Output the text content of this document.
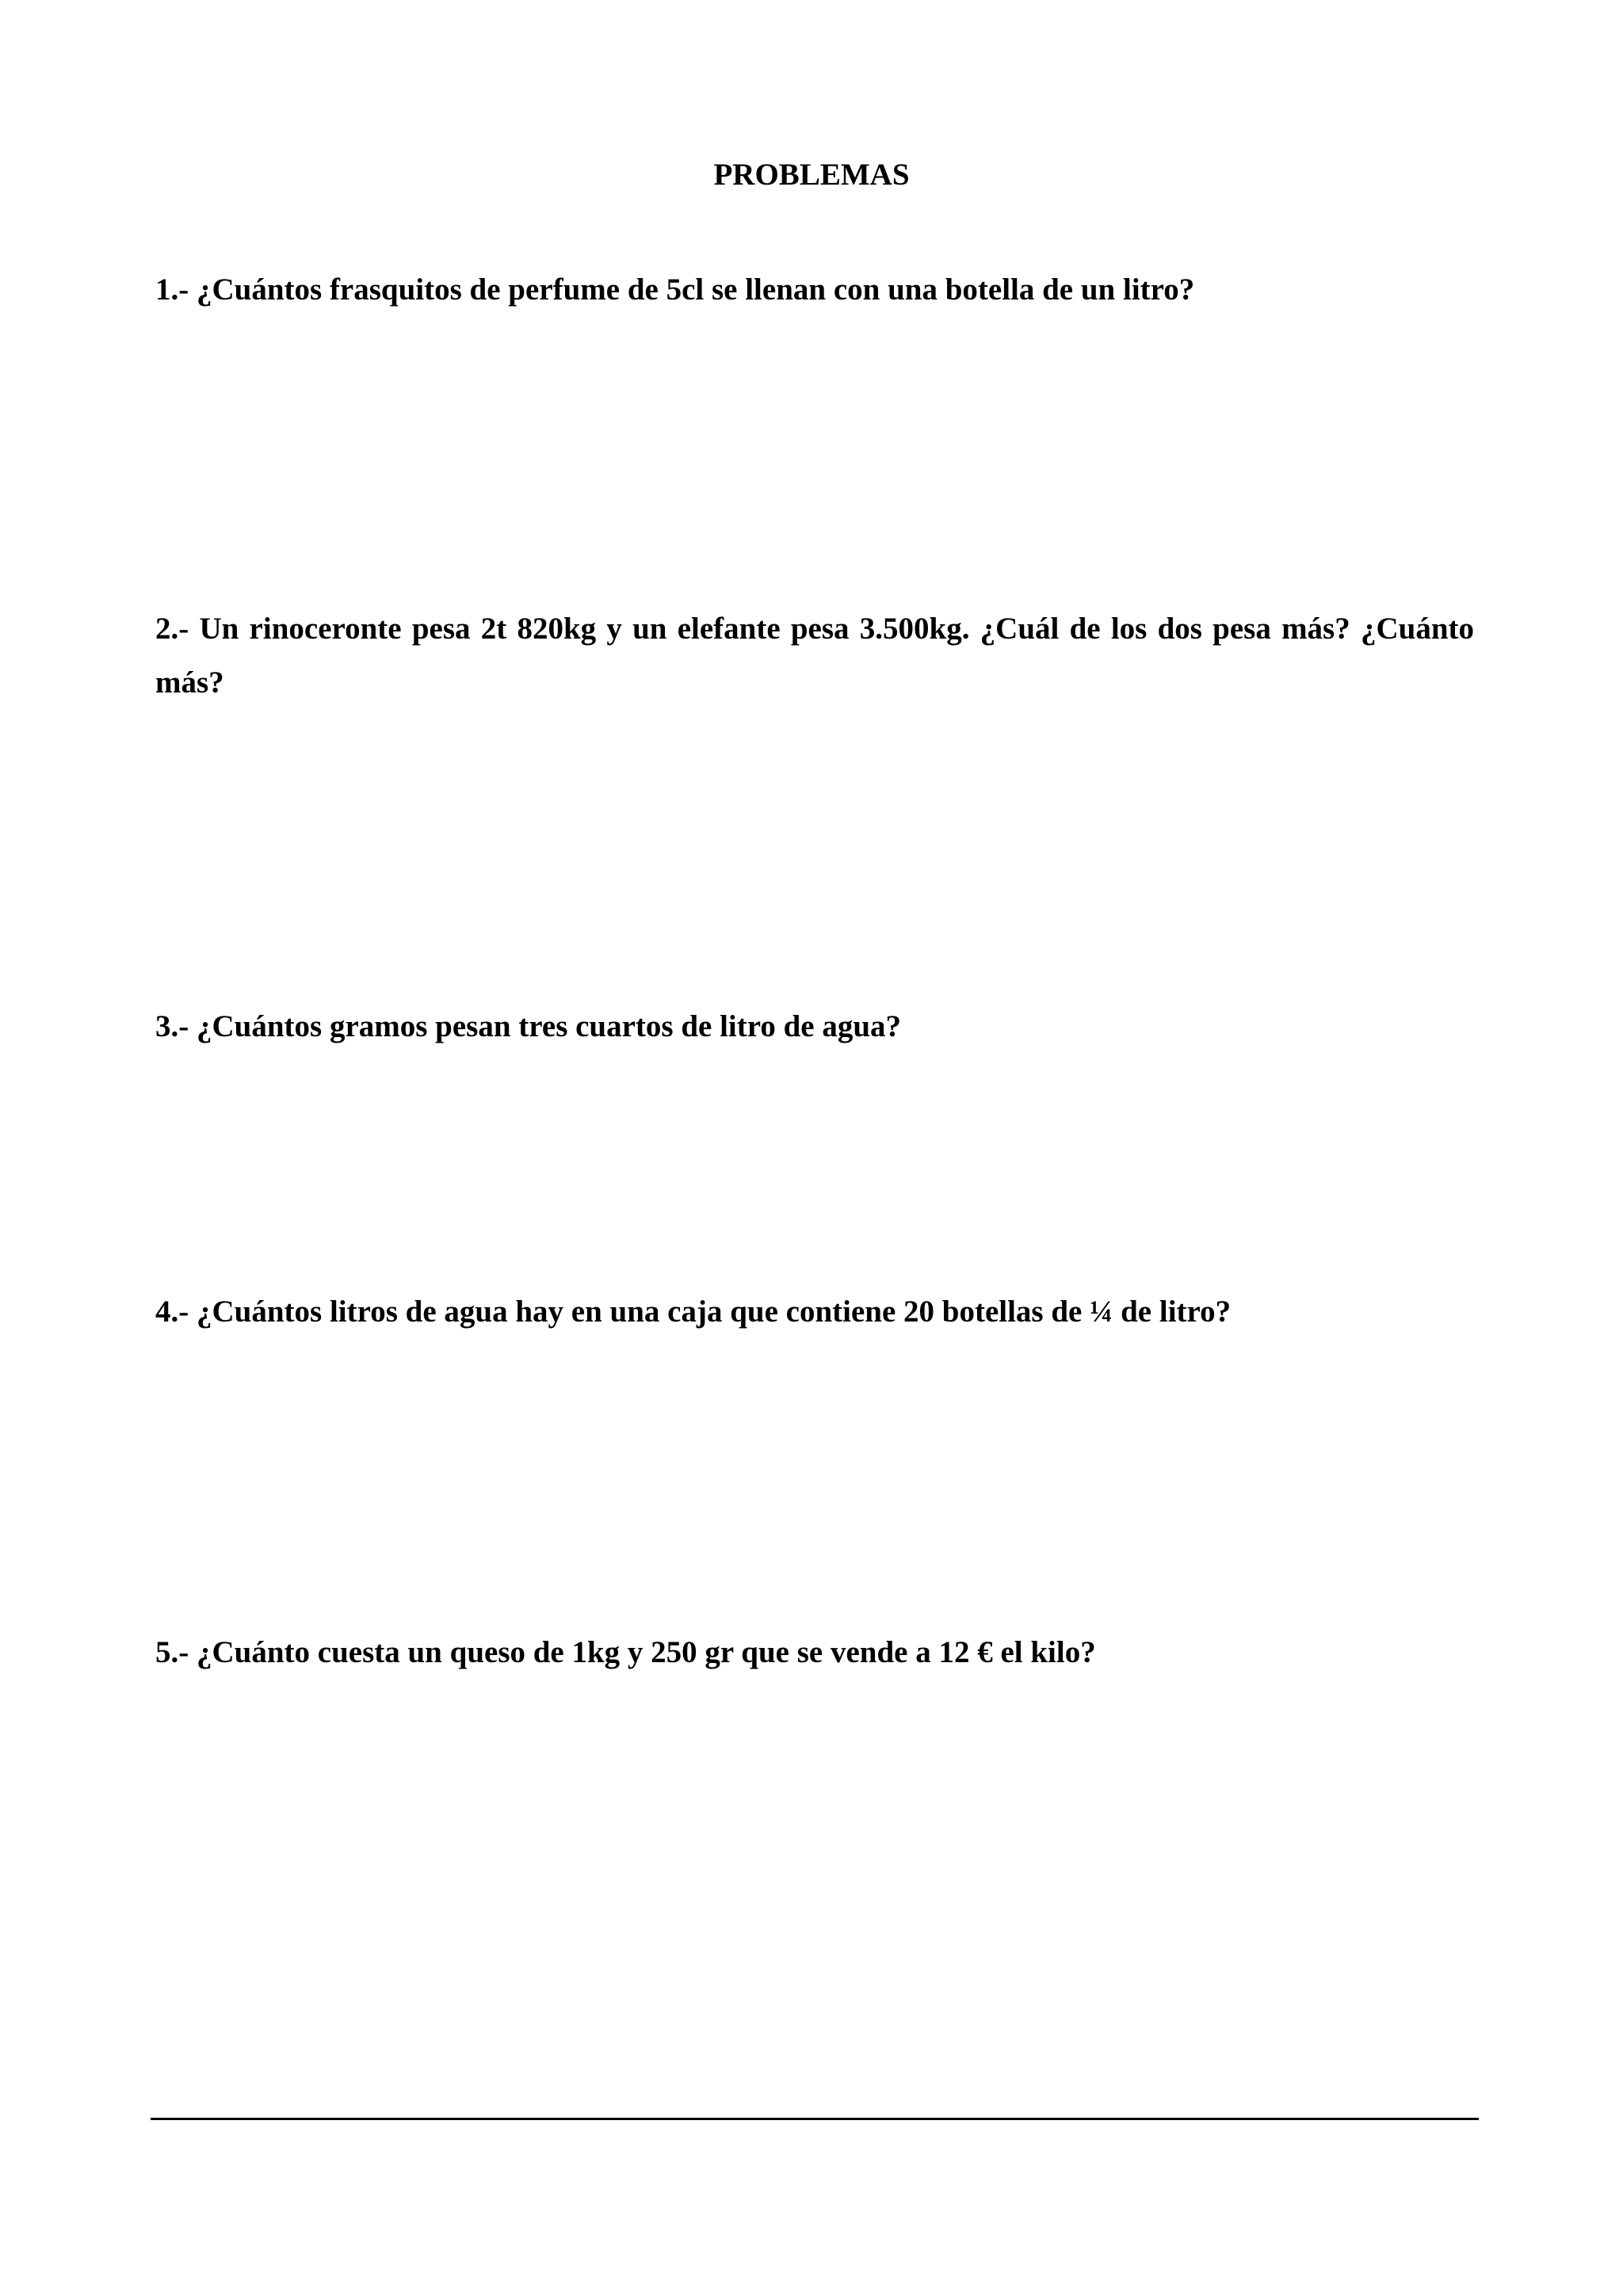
PROBLEMAS

1.- ¿Cuántos frasquitos de perfume de 5cl se llenan con una botella de un litro?

2.- Un rinoceronte pesa 2t 820kg y un elefante pesa 3.500kg. ¿Cuál de los dos pesa más? ¿Cuánto más?

3.- ¿Cuántos gramos pesan tres cuartos de litro de agua?

4.- ¿Cuántos litros de agua hay en una caja que contiene 20 botellas de ¼ de litro?

5.- ¿Cuánto cuesta un queso de 1kg y 250 gr que se vende a 12 € el kilo?
